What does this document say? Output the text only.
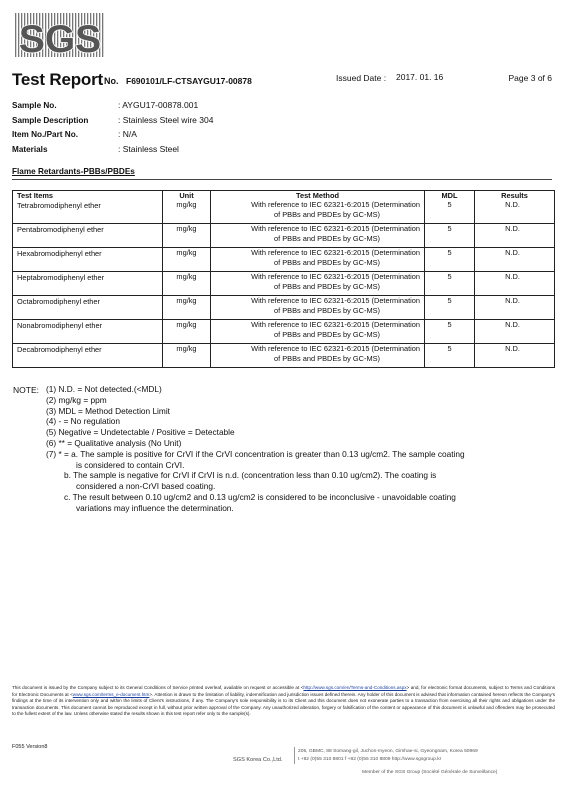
SGS
Test Report No. F690101/LF-CTSAYGU17-00878	Issued Date : 2017. 01. 16	Page 3 of 6
Sample No.	: AYGU17-00878.001
Sample Description	: Stainless Steel wire 304
Item No./Part No.	: N/A
Materials	: Stainless Steel
Flame Retardants-PBBs/PBDEs
Test Items	Unit	Test Method	MDL	Results
Tetrabromodiphenyl ether	mg/kg	With reference to IEC 62321-6:2015 (Determination
of PBBs and PBDEs by GC-MS)	5	N.D.
Pentabromodiphenyl ether	mg/kg	With reference to IEC 62321-6:2015 (Determination
of PBBs and PBDEs by GC-MS)	5	N.D.
Hexabromodiphenyl ether	mg/kg	With reference to IEC 62321-6:2015 (Determination
of PBBs and PBDEs by GC-MS)	5	N.D.
Heptabromodiphenyl ether	mg/kg	With reference to IEC 62321-6:2015 (Determination
of PBBs and PBDEs by GC-MS)	5	N.D.
Octabromodiphenyl ether	mg/kg	With reference to IEC 62321-6:2015 (Determination
of PBBs and PBDEs by GC-MS)	5	N.D.
Nonabromodiphenyl ether	mg/kg	With reference to IEC 62321-6:2015 (Determination
of PBBs and PBDEs by GC-MS)	5	N.D.
Decabromodiphenyl ether	mg/kg	With reference to IEC 62321-6:2015 (Determination
of PBBs and PBDEs by GC-MS)	5	N.D.
NOTE: (1) N.D. = Not detected.(<MDL)
(2) mg/kg = ppm
(3) MDL = Method Detection Limit
(4) - = No regulation
(5) Negative = Undetectable / Positive = Detectable
(6) ** = Qualitative analysis (No Unit)
(7) * = a. The sample is positive for CrVI if the CrVI concentration is greater than 0.13 ug/cm2. The sample coating
is considered to contain CrVI.
b. The sample is negative for CrVI if CrVI is n.d. (concentration less than 0.10 ug/cm2). The coating is
considered a non-CrVI based coating.
c. The result between 0.10 ug/cm2 and 0.13 ug/cm2 is considered to be inconclusive - unavoidable coating
variations may influence the determination.
This document is issued by the Company subject to its General Conditions of Service printed overleaf, available on request or accessible at <http://www.sgs.com/en/Terms-and-Conditions.aspx> and, for electronic format documents, subject to Terms and Conditions for Electronic Documents at <www.sgs.com/terms_e-document.htm>. Attention is drawn to the limitation of liability, indemnification and jurisdiction issues defined therein. Any holder of this document is advised that information contained hereon reflects the Company's findings at the time of its intervention only and within the limits of Client's instructions, if any. The Company's sole responsibility is to its Client and this document does not exonerate parties to a transaction from exercising all their rights and obligations under the transaction documents. This document cannot be reproduced except in full, without prior written approval of the Company. Any unauthorized alteration, forgery or falsification of the content or appearance of this document is unlawful and offenders may be prosecuted to the fullest extent of the law. Unless otherwise stated the results shown in this test report refer only to the sample(s).
F055 Version8
SGS Korea Co.,Ltd.
205, GBMC, 88 Somang-gil, Juchon-myeon, Gimhae-si, Gyeongnam, Korea 50969
t +82 (0)55 310 8801 f +82 (0)55 310 8809 http://www.sgsgroup.kr
Member of the SGS Group (Société Générale de Surveillance)
